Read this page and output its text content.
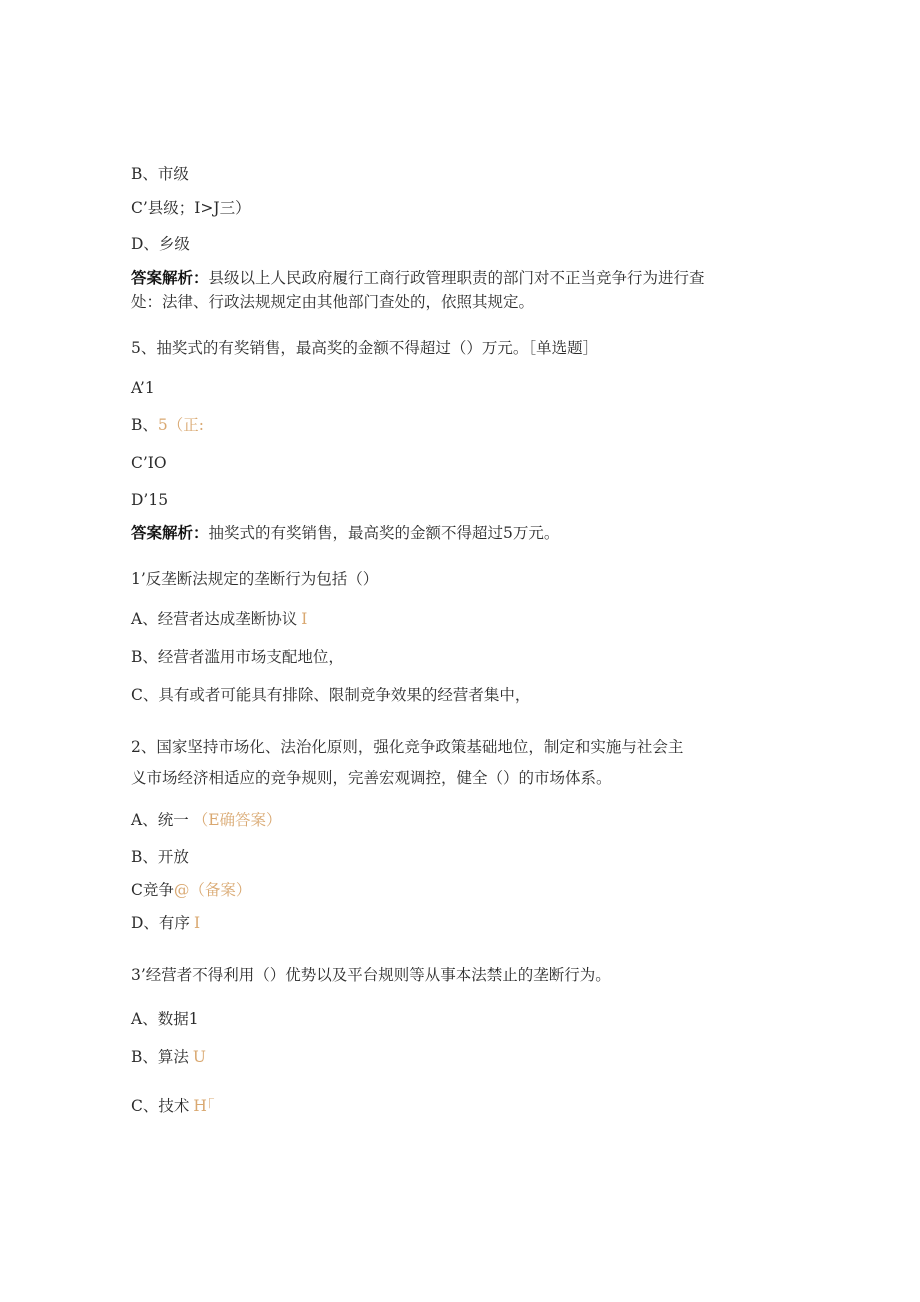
B、市级
C’县级；I>J三）
D、乡级
答案解析：县级以上人民政府履行工商行政管理职责的部门对不正当竞争行为进行查
处：法律、行政法规规定由其他部门查处的，依照其规定。
5、抽奖式的有奖销售，最高奖的金额不得超过（）万元。［单选题］
A’1
B、5（正:
C’IO
D’15
答案解析：抽奖式的有奖销售，最高奖的金额不得超过5万元。
1’反垄断法规定的垄断行为包括（）
A、经营者达成垄断协议 I
B、经营者滥用市场支配地位，
C、具有或者可能具有排除、限制竞争效果的经营者集中，
2、国家坚持市场化、法治化原则，强化竞争政策基础地位，制定和实施与社会主
义市场经济相适应的竞争规则，完善宏观调控，健全（）的市场体系。
A、统一 （E确答案）
B、开放
C竞争@（备案）
D、有序 I
3’经营者不得利用（）优势以及平台规则等从事本法禁止的垄断行为。
A、数据1
B、算法 U
C、技术 H｢
